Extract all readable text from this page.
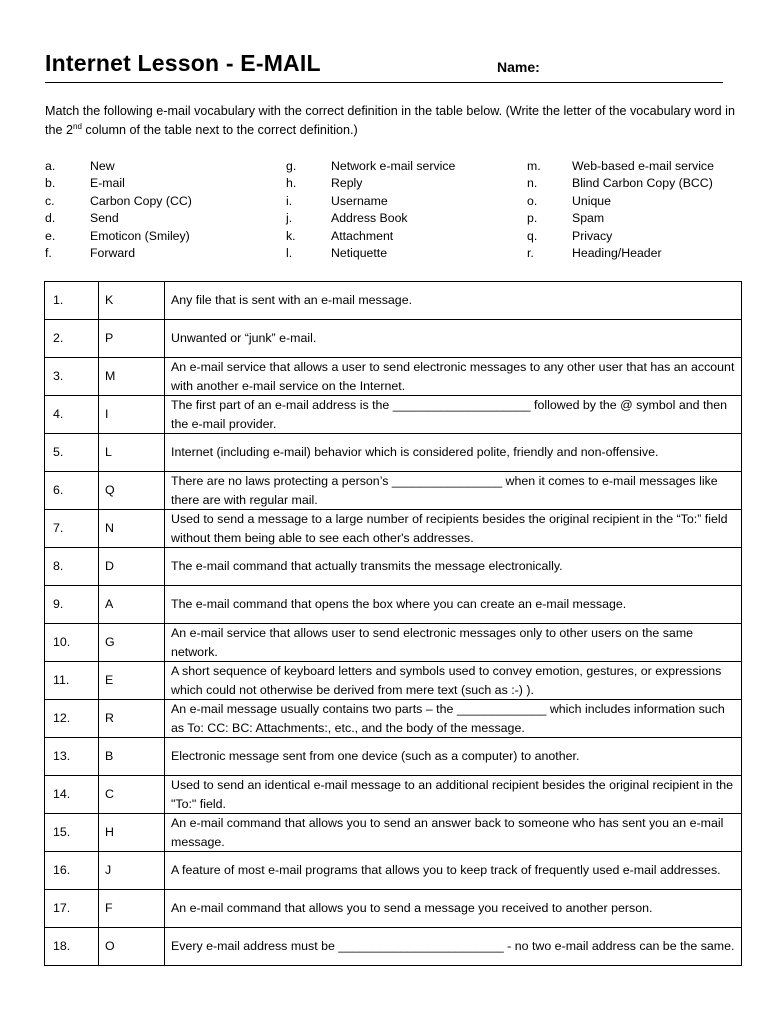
Internet Lesson - E-MAIL	Name:
Match the following e-mail vocabulary with the correct definition in the table below. (Write the letter of the vocabulary word in the 2nd column of the table next to the correct definition.)
a.	New
b.	E-mail
c.	Carbon Copy (CC)
d.	Send
e.	Emoticon (Smiley)
f.	Forward
g.	Network e-mail service
h.	Reply
i.	Username
j.	Address Book
k.	Attachment
l.	Netiquette
m.	Web-based e-mail service
n.	Blind Carbon Copy (BCC)
o.	Unique
p.	Spam
q.	Privacy
r.	Heading/Header
1.	K	Any file that is sent with an e-mail message.
2.	P	Unwanted or “junk” e-mail.
3.	M	An e-mail service that allows a user to send electronic messages to any other user that has an account with another e-mail service on the Internet.
4.	I	The first part of an e-mail address is the ____________________ followed by the @ symbol and then the e-mail provider.
5.	L	Internet (including e-mail) behavior which is considered polite, friendly and non-offensive.
6.	Q	There are no laws protecting a person’s ________________ when it comes to e-mail messages like there are with regular mail.
7.	N	Used to send a message to a large number of recipients besides the original recipient in the “To:” field without them being able to see each other's addresses.
8.	D	The e-mail command that actually transmits the message electronically.
9.	A	The e-mail command that opens the box where you can create an e-mail message.
10.	G	An e-mail service that allows user to send electronic messages only to other users on the same network.
11.	E	A short sequence of keyboard letters and symbols used to convey emotion, gestures, or expressions which could not otherwise be derived from mere text (such as :-) ).
12.	R	An e-mail message usually contains two parts – the _____________ which includes information such as To: CC: BC: Attachments:, etc., and the body of the message.
13.	B	Electronic message sent from one device (such as a computer) to another.
14.	C	Used to send an identical e-mail message to an additional recipient besides the original recipient in the "To:" field.
15.	H	An e-mail command that allows you to send an answer back to someone who has sent you an e-mail message.
16.	J	A feature of most e-mail programs that allows you to keep track of frequently used e-mail addresses.
17.	F	An e-mail command that allows you to send a message you received to another person.
18.	O	Every e-mail address must be ________________________ - no two e-mail address can be the same.
